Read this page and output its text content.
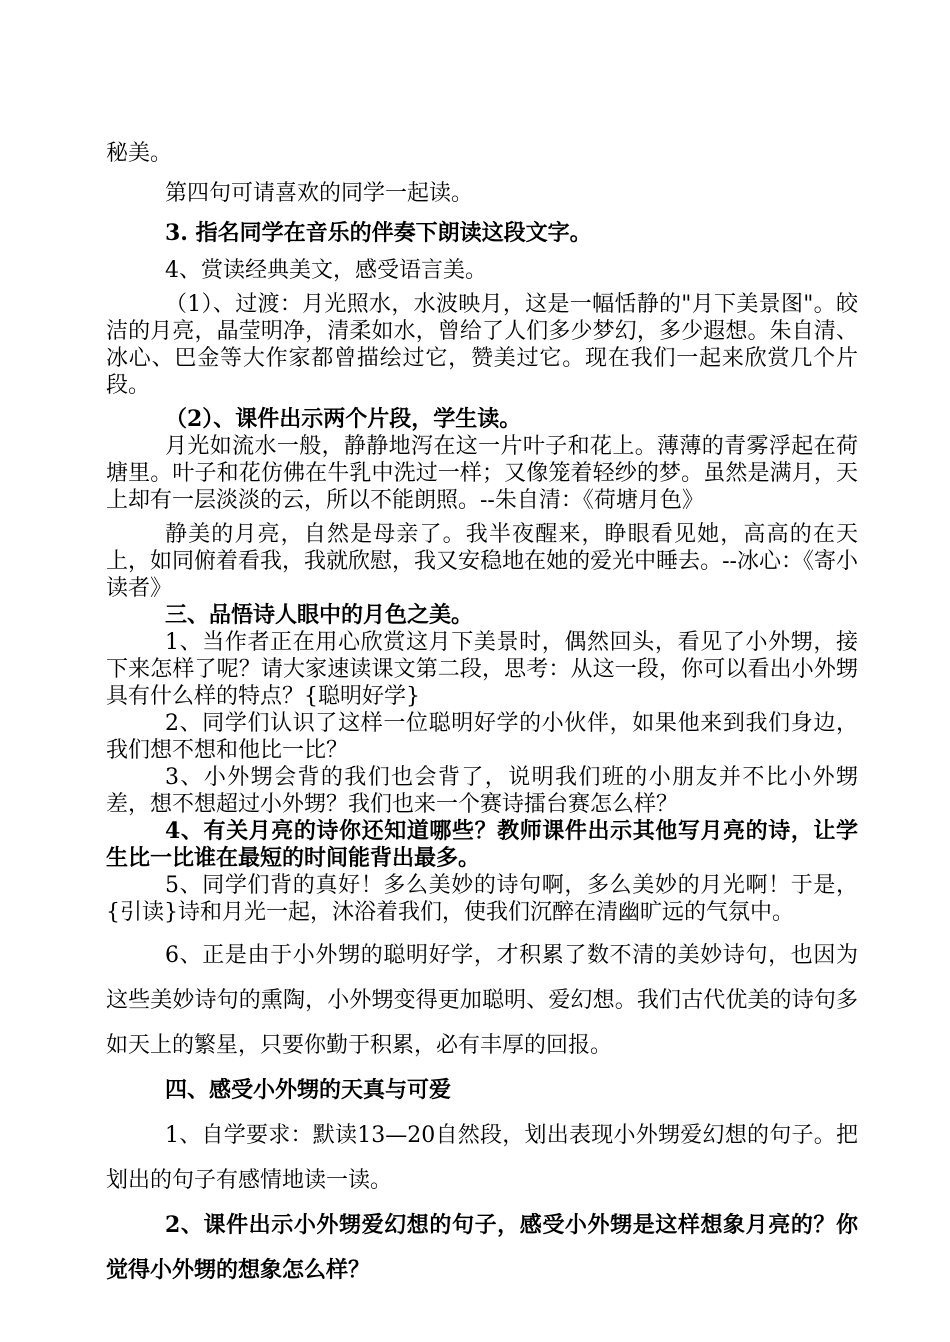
秘美。

第四句可请喜欢的同学一起读。

3. 指名同学在音乐的伴奏下朗读这段文字。

4、赏读经典美文，感受语言美。

（1）、过渡：月光照水，水波映月，这是一幅恬静的"月下美景图"。皎洁的月亮，晶莹明净，清柔如水，曾给了人们多少梦幻，多少遐想。朱自清、冰心、巴金等大作家都曾描绘过它，赞美过它。现在我们一起来欣赏几个片段。

（2）、课件出示两个片段，学生读。

月光如流水一般，静静地泻在这一片叶子和花上。薄薄的青雾浮起在荷塘里。叶子和花仿佛在牛乳中洗过一样；又像笼着轻纱的梦。虽然是满月，天上却有一层淡淡的云，所以不能朗照。--朱自清：《荷塘月色》

静美的月亮，自然是母亲了。我半夜醒来，睁眼看见她，高高的在天上，如同俯着看我，我就欣慰，我又安稳地在她的爱光中睡去。--冰心：《寄小读者》

三、品悟诗人眼中的月色之美。

1、当作者正在用心欣赏这月下美景时，偶然回头，看见了小外甥，接下来怎样了呢？请大家速读课文第二段，思考：从这一段，你可以看出小外甥具有什么样的特点？{聪明好学}

2、同学们认识了这样一位聪明好学的小伙伴，如果他来到我们身边，我们想不想和他比一比？

3、小外甥会背的我们也会背了，说明我们班的小朋友并不比小外甥差，想不想超过小外甥？我们也来一个赛诗擂台赛怎么样？

4、有关月亮的诗你还知道哪些？教师课件出示其他写月亮的诗，让学生比一比谁在最短的时间能背出最多。

5、同学们背的真好！多么美妙的诗句啊，多么美妙的月光啊！于是，{引读}诗和月光一起，沐浴着我们，使我们沉醉在清幽旷远的气氛中。

6、正是由于小外甥的聪明好学，才积累了数不清的美妙诗句，也因为这些美妙诗句的熏陶，小外甥变得更加聪明、爱幻想。我们古代优美的诗句多如天上的繁星，只要你勤于积累，必有丰厚的回报。

四、感受小外甥的天真与可爱

1、自学要求：默读13—20自然段，划出表现小外甥爱幻想的句子。把划出的句子有感情地读一读。

2、课件出示小外甥爱幻想的句子，感受小外甥是这样想象月亮的？你觉得小外甥的想象怎么样？
